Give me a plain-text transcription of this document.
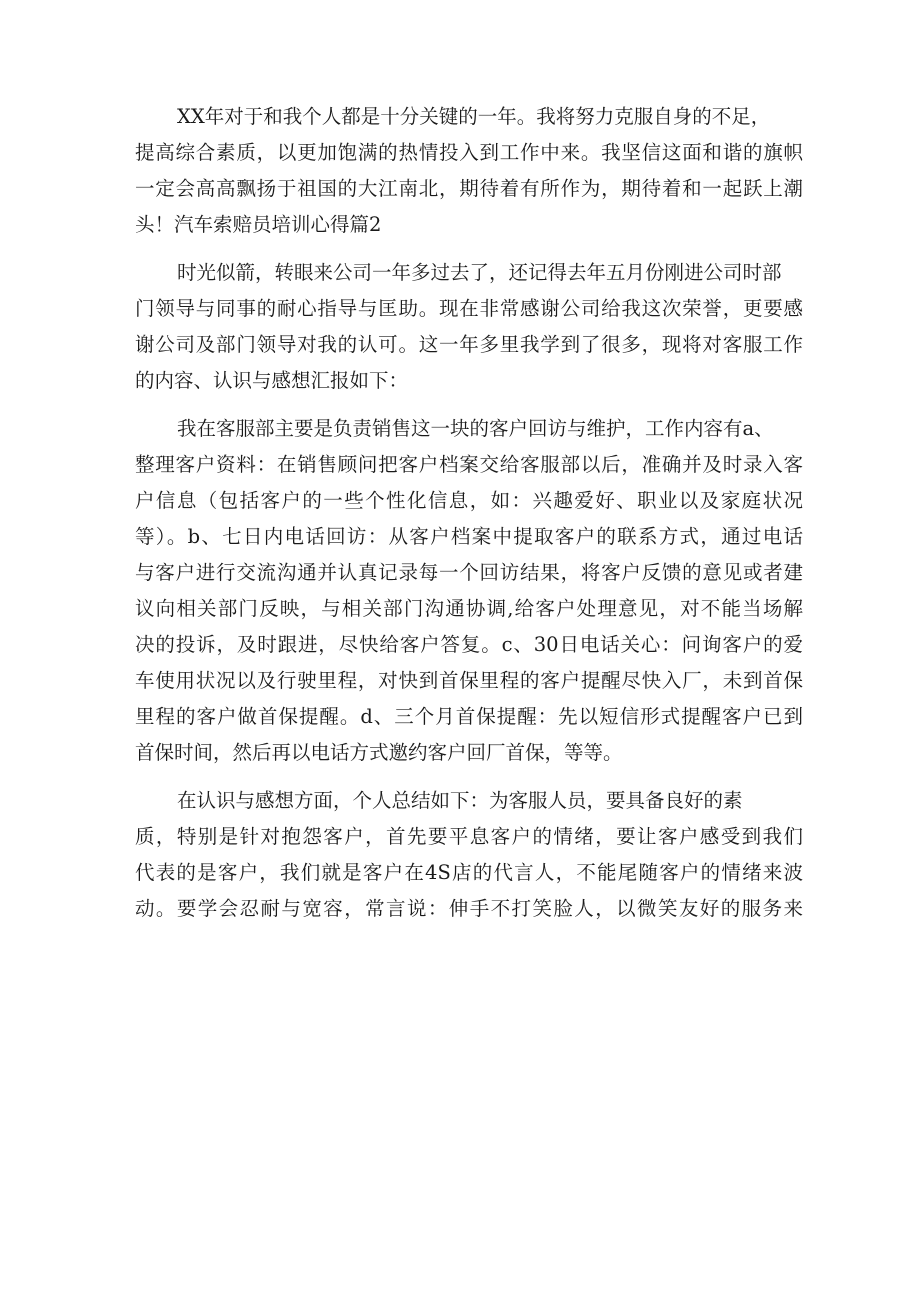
XX年对于和我个人都是十分关键的一年。我将努力克服自身的不足，

提高综合素质，以更加饱满的热情投入到工作中来。我坚信这面和谐的旗帜

一定会高高飘扬于祖国的大江南北，期待着有所作为，期待着和一起跃上潮

头！汽车索赔员培训心得篇2

时光似箭，转眼来公司一年多过去了，还记得去年五月份刚进公司时部

门领导与同事的耐心指导与匡助。现在非常感谢公司给我这次荣誉，更要感

谢公司及部门领导对我的认可。这一年多里我学到了很多，现将对客服工作

的内容、认识与感想汇报如下：

我在客服部主要是负责销售这一块的客户回访与维护，工作内容有a、

整理客户资料：在销售顾问把客户档案交给客服部以后，准确并及时录入客

户信息（包括客户的一些个性化信息，如：兴趣爱好、职业以及家庭状况

等）。b、七日内电话回访：从客户档案中提取客户的联系方式，通过电话

与客户进行交流沟通并认真记录每一个回访结果，将客户反馈的意见或者建

议向相关部门反映，与相关部门沟通协调,给客户处理意见，对不能当场解

决的投诉，及时跟进，尽快给客户答复。c、30日电话关心：问询客户的爱

车使用状况以及行驶里程，对快到首保里程的客户提醒尽快入厂，未到首保

里程的客户做首保提醒。d、三个月首保提醒：先以短信形式提醒客户已到

首保时间，然后再以电话方式邀约客户回厂首保，等等。

在认识与感想方面，个人总结如下：为客服人员，要具备良好的素

质，特别是针对抱怨客户，首先要平息客户的情绪，要让客户感受到我们

代表的是客户，我们就是客户在4S店的代言人，不能尾随客户的情绪来波

动。要学会忍耐与宽容，常言说：伸手不打笑脸人，以微笑友好的服务来
